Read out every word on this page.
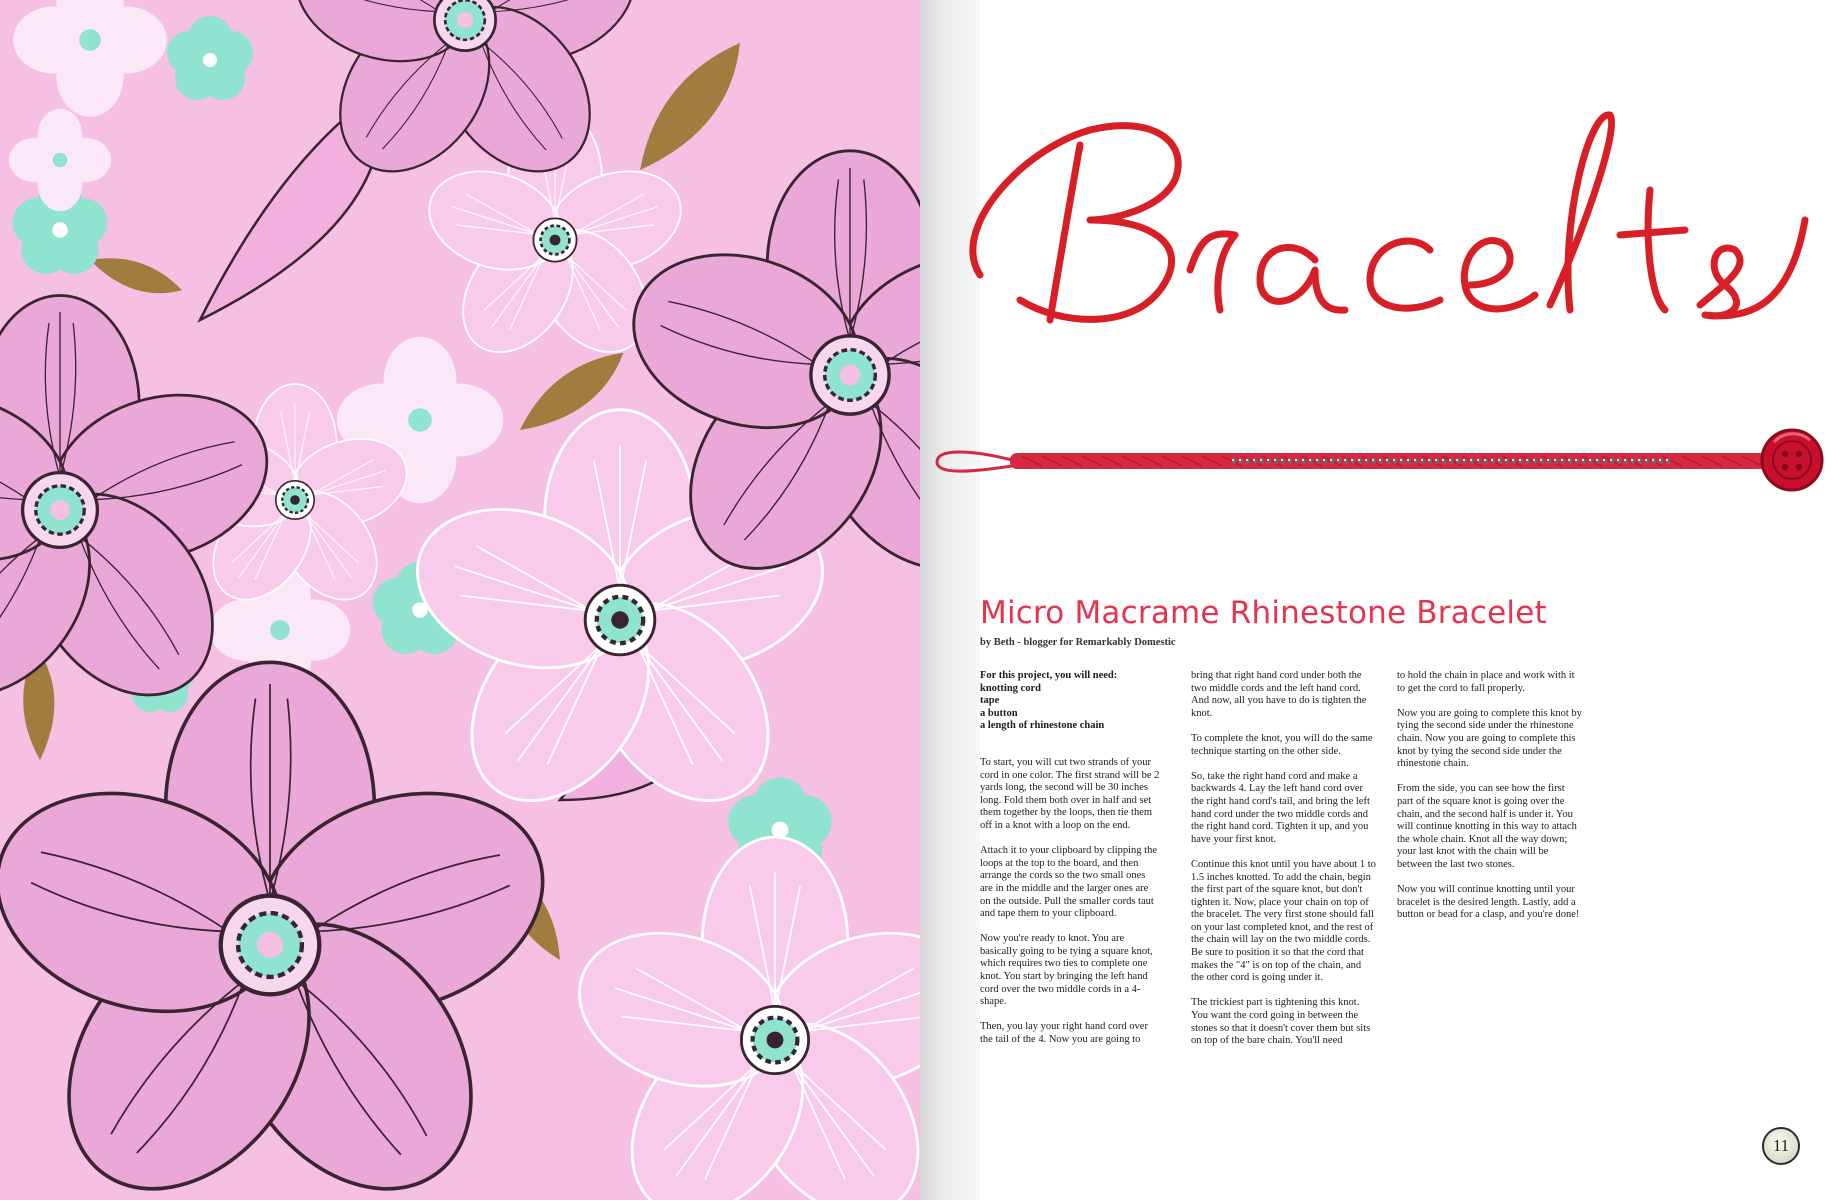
Micro Macrame Rhinestone Bracelet

by Beth - blogger for Remarkably Domestic

For this project, you will need:
knotting cord
tape
a button
a length of rhinestone chain

To start, you will cut two strands of your cord in one color. The first strand will be 2 yards long, the second will be 30 inches long. Fold them both over in half and set them together by the loops, then tie them off in a knot with a loop on the end.

Attach it to your clipboard by clipping the loops at the top to the board, and then arrange the cords so the two small ones are in the middle and the larger ones are on the outside. Pull the smaller cords taut and tape them to your clipboard.

Now you're ready to knot. You are basically going to be tying a square knot, which requires two ties to complete one knot. You start by bringing the left hand cord over the two middle cords in a 4-shape.

Then, you lay your right hand cord over the tail of the 4. Now you are going to

bring that right hand cord under both the two middle cords and the left hand cord. And now, all you have to do is tighten the knot.

To complete the knot, you will do the same technique starting on the other side.

So, take the right hand cord and make a backwards 4. Lay the left hand cord over the right hand cord's tail, and bring the left hand cord under the two middle cords and the right hand cord. Tighten it up, and you have your first knot.

Continue this knot until you have about 1 to 1.5 inches knotted. To add the chain, begin the first part of the square knot, but don't tighten it. Now, place your chain on top of the bracelet. The very first stone should fall on your last completed knot, and the rest of the chain will lay on the two middle cords. Be sure to position it so that the cord that makes the "4" is on top of the chain, and the other cord is going under it.

The trickiest part is tightening this knot. You want the cord going in between the stones so that it doesn't cover them but sits on top of the bare chain. You'll need

to hold the chain in place and work with it to get the cord to fall properly.

Now you are going to complete this knot by tying the second side under the rhinestone chain. Now you are going to complete this knot by tying the second side under the rhinestone chain.

From the side, you can see how the first part of the square knot is going over the chain, and the second half is under it. You will continue knotting in this way to attach the whole chain. Knot all the way down; your last knot with the chain will be between the last two stones.

Now you will continue knotting until your bracelet is the desired length. Lastly, add a button or bead for a clasp, and you're done!

11
